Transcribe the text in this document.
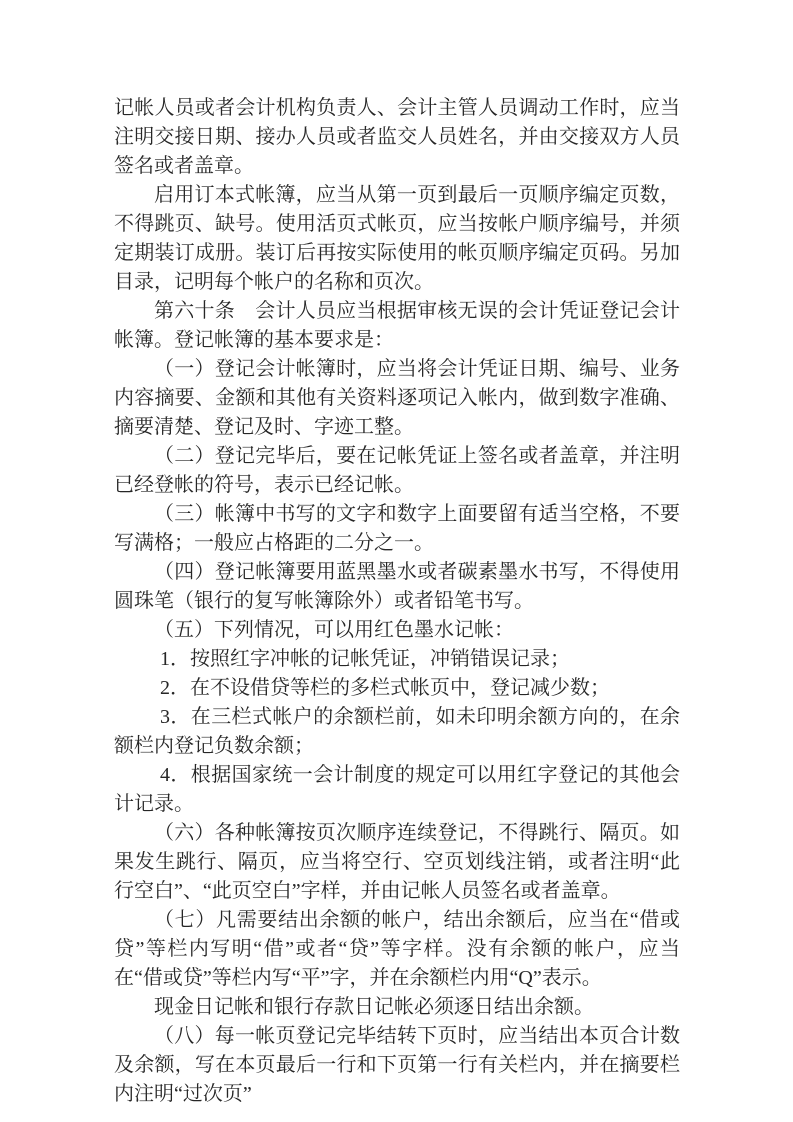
记帐人员或者会计机构负责人、会计主管人员调动工作时，应当注明交接日期、接办人员或者监交人员姓名，并由交接双方人员签名或者盖章。

启用订本式帐簿，应当从第一页到最后一页顺序编定页数，不得跳页、缺号。使用活页式帐页，应当按帐户顺序编号，并须定期装订成册。装订后再按实际使用的帐页顺序编定页码。另加目录，记明每个帐户的名称和页次。

第六十条　会计人员应当根据审核无误的会计凭证登记会计帐簿。登记帐簿的基本要求是：

（一）登记会计帐簿时，应当将会计凭证日期、编号、业务内容摘要、金额和其他有关资料逐项记入帐内，做到数字准确、摘要清楚、登记及时、字迹工整。

（二）登记完毕后，要在记帐凭证上签名或者盖章，并注明已经登帐的符号，表示已经记帐。

（三）帐簿中书写的文字和数字上面要留有适当空格，不要写满格；一般应占格距的二分之一。

（四）登记帐簿要用蓝黑墨水或者碳素墨水书写，不得使用圆珠笔（银行的复写帐簿除外）或者铅笔书写。

（五）下列情况，可以用红色墨水记帐：

1．按照红字冲帐的记帐凭证，冲销错误记录；

2．在不设借贷等栏的多栏式帐页中，登记减少数；

3．在三栏式帐户的余额栏前，如未印明余额方向的，在余额栏内登记负数余额；

4．根据国家统一会计制度的规定可以用红字登记的其他会计记录。

（六）各种帐簿按页次顺序连续登记，不得跳行、隔页。如果发生跳行、隔页，应当将空行、空页划线注销，或者注明“此行空白”、“此页空白”字样，并由记帐人员签名或者盖章。

（七）凡需要结出余额的帐户，结出余额后，应当在“借或贷”等栏内写明“借”或者“贷”等字样。没有余额的帐户，应当在“借或贷”等栏内写“平”字，并在余额栏内用“Q”表示。

现金日记帐和银行存款日记帐必须逐日结出余额。

（八）每一帐页登记完毕结转下页时，应当结出本页合计数及余额，写在本页最后一行和下页第一行有关栏内，并在摘要栏内注明“过次页”
